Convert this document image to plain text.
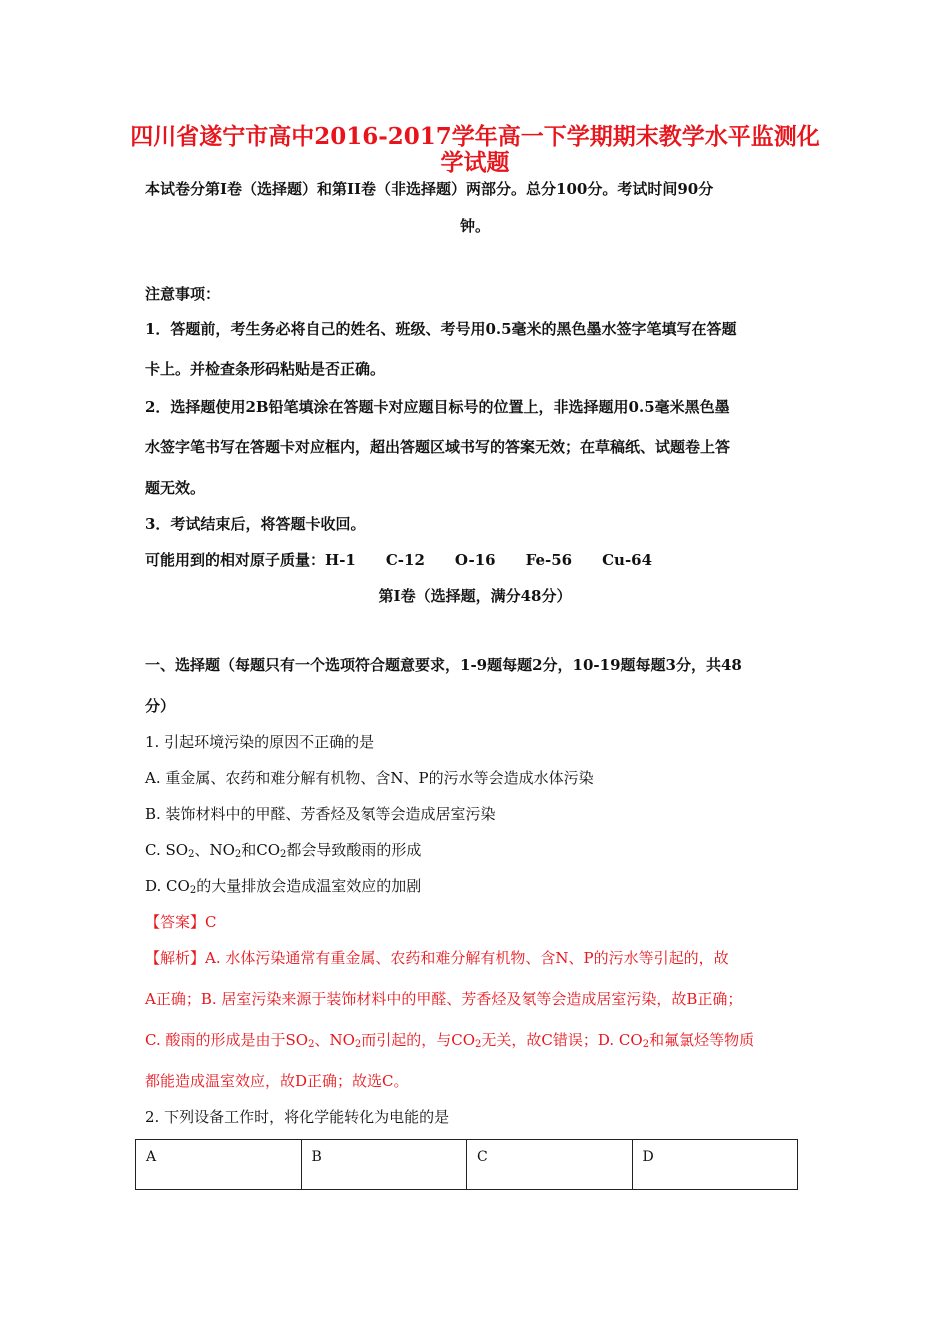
四川省遂宁市高中2016-2017学年高一下学期期末教学水平监测化
学试题
本试卷分第I卷（选择题）和第II卷（非选择题）两部分。总分100分。考试时间90分
钟。
注意事项：
1．答题前，考生务必将自己的姓名、班级、考号用0.5毫米的黑色墨水签字笔填写在答题
卡上。并检查条形码粘贴是否正确。
2．选择题使用2B铅笔填涂在答题卡对应题目标号的位置上，非选择题用0.5毫米黑色墨
水签字笔书写在答题卡对应框内，超出答题区域书写的答案无效；在草稿纸、试题卷上答
题无效。
3．考试结束后，将答题卡收回。
可能用到的相对原子质量：H-1 C-12 O-16 Fe-56 Cu-64
第I卷（选择题，满分48分）
一、选择题（每题只有一个选项符合题意要求，1-9题每题2分，10-19题每题3分，共48
分）
1. 引起环境污染的原因不正确的是
A. 重金属、农药和难分解有机物、含N、P的污水等会造成水体污染
B. 装饰材料中的甲醛、芳香烃及氡等会造成居室污染
C. $SO_2$、$NO_2$和$CO_2$都会导致酸雨的形成
D. $CO_2$的大量排放会造成温室效应的加剧
【答案】C
【解析】A. 水体污染通常有重金属、农药和难分解有机物、含N、P的污水等引起的，故
A正确；B. 居室污染来源于装饰材料中的甲醛、芳香烃及氡等会造成居室污染，故B正确；
C. 酸雨的形成是由于$SO_2$、$NO_2$而引起的，与$CO_2$无关，故C错误；D. $CO_2$和氟氯烃等物质
都能造成温室效应，故D正确；故选C。
2. 下列设备工作时，将化学能转化为电能的是
A	B	C	D
